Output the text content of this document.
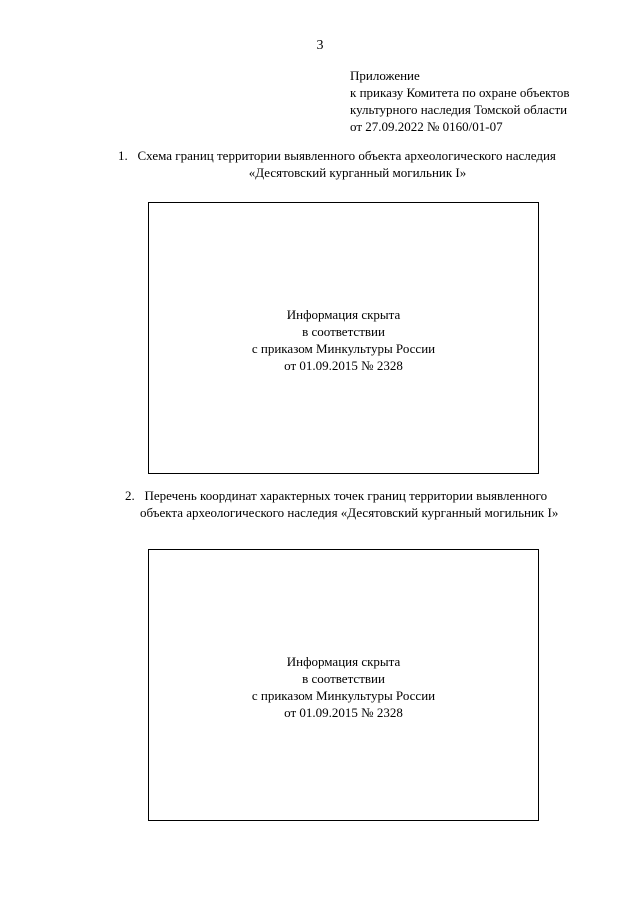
3
Приложение
к приказу Комитета по охране объектов
культурного наследия Томской области
от 27.09.2022 № 0160/01-07
1.   Схема границ территории выявленного объекта археологического наследия
«Десятовский курганный могильник I»
Информация скрыта
в соответствии
с приказом Минкультуры России
от 01.09.2015 № 2328
2.   Перечень координат характерных точек границ территории выявленного
объекта археологического наследия «Десятовский курганный могильник I»
Информация скрыта
в соответствии
с приказом Минкультуры России
от 01.09.2015 № 2328
